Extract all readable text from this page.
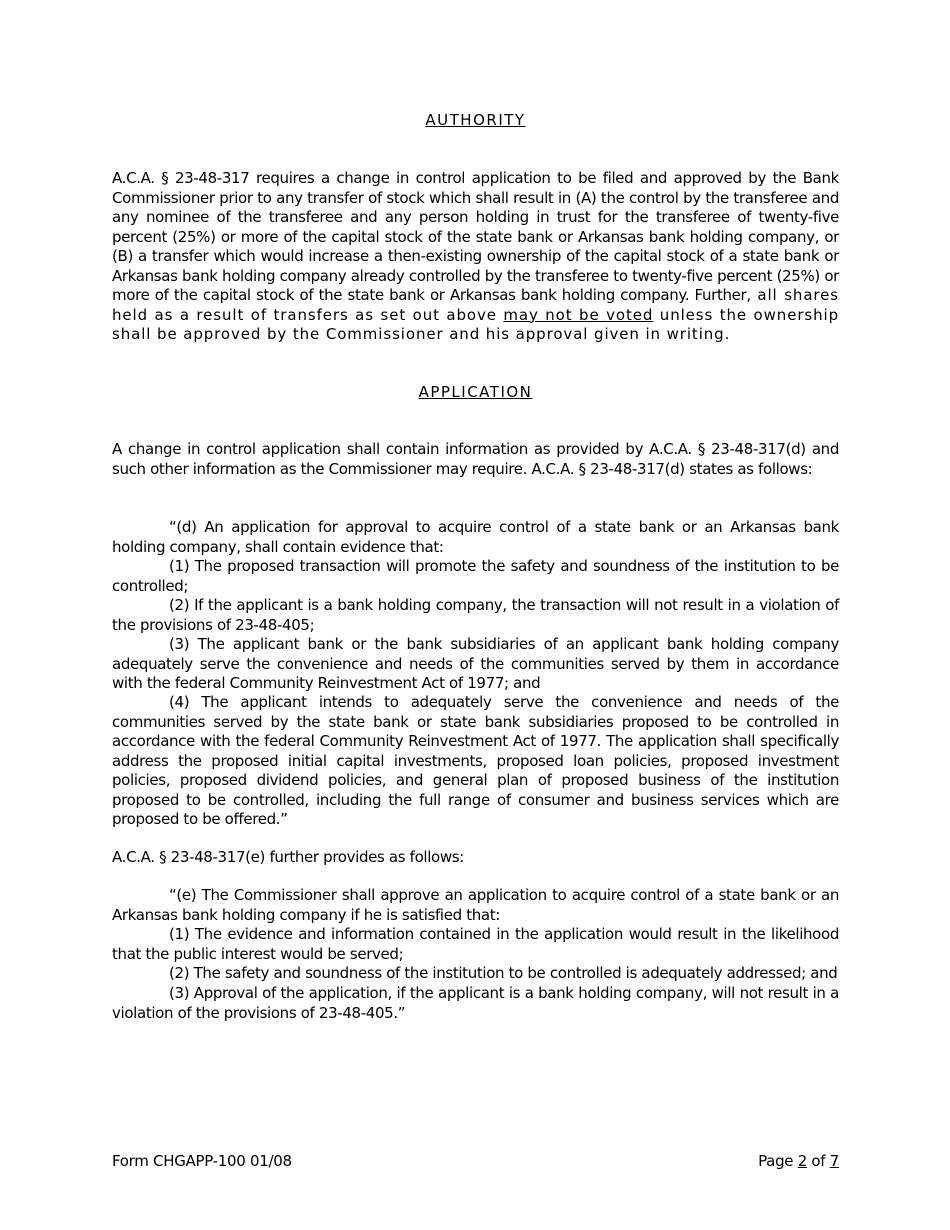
AUTHORITY

A.C.A. § 23-48-317 requires a change in control application to be filed and approved by the Bank Commissioner prior to any transfer of stock which shall result in (A) the control by the transferee and any nominee of the transferee and any person holding in trust for the transferee of twenty-five percent (25%) or more of the capital stock of the state bank or Arkansas bank holding company, or (B) a transfer which would increase a then-existing ownership of the capital stock of a state bank or Arkansas bank holding company already controlled by the transferee to twenty-five percent (25%) or more of the capital stock of the state bank or Arkansas bank holding company. Further, all shares held as a result of transfers as set out above may not be voted unless the ownership shall be approved by the Commissioner and his approval given in writing.

APPLICATION

A change in control application shall contain information as provided by A.C.A. § 23-48-317(d) and such other information as the Commissioner may require. A.C.A. § 23-48-317(d) states as follows:

“(d) An application for approval to acquire control of a state bank or an Arkansas bank holding company, shall contain evidence that:

(1) The proposed transaction will promote the safety and soundness of the institution to be controlled;

(2) If the applicant is a bank holding company, the transaction will not result in a violation of the provisions of 23-48-405;

(3) The applicant bank or the bank subsidiaries of an applicant bank holding company adequately serve the convenience and needs of the communities served by them in accordance with the federal Community Reinvestment Act of 1977; and

(4) The applicant intends to adequately serve the convenience and needs of the communities served by the state bank or state bank subsidiaries proposed to be controlled in accordance with the federal Community Reinvestment Act of 1977. The application shall specifically address the proposed initial capital investments, proposed loan policies, proposed investment policies, proposed dividend policies, and general plan of proposed business of the institution proposed to be controlled, including the full range of consumer and business services which are proposed to be offered.”

A.C.A. § 23-48-317(e) further provides as follows:

“(e) The Commissioner shall approve an application to acquire control of a state bank or an Arkansas bank holding company if he is satisfied that:

(1) The evidence and information contained in the application would result in the likelihood that the public interest would be served;

(2) The safety and soundness of the institution to be controlled is adequately addressed; and

(3) Approval of the application, if the applicant is a bank holding company, will not result in a violation of the provisions of 23-48-405.”

Form CHGAPP-100 01/08	Page 2 of 7
